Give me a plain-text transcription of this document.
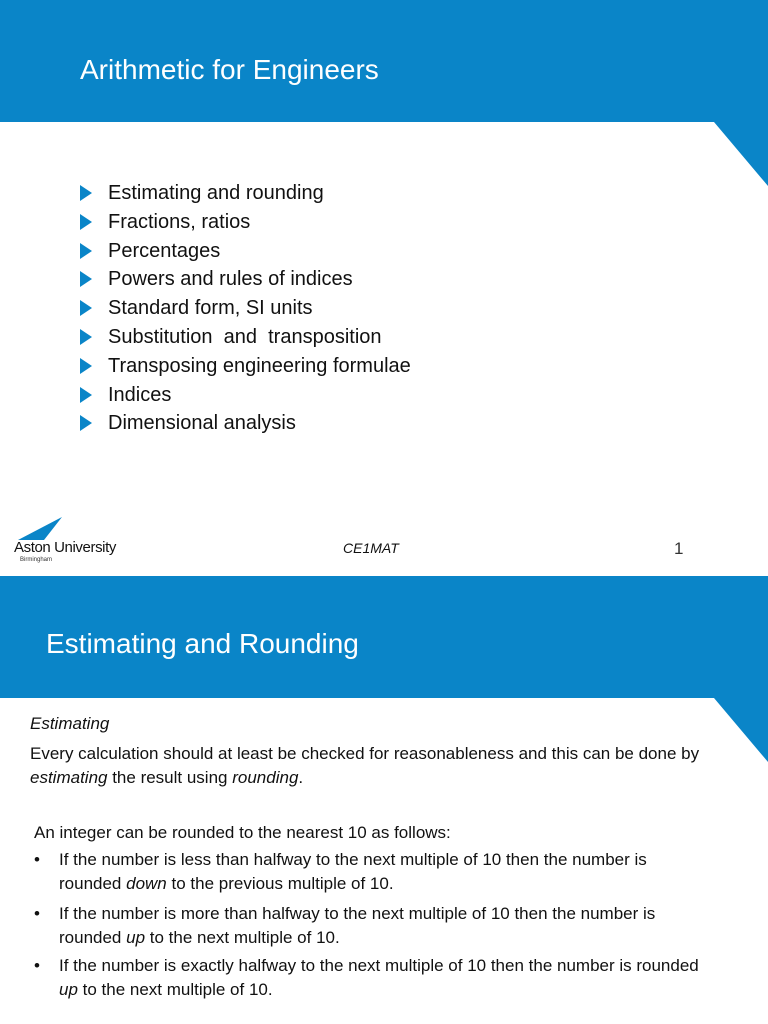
Arithmetic for Engineers
Estimating and rounding
Fractions, ratios
Percentages
Powers and rules of indices
Standard form, SI units
Substitution  and  transposition
Transposing engineering formulae
Indices
Dimensional analysis
Aston University
Birmingham
CE1MAT	1
Estimating and Rounding
Estimating
Every calculation should at least be checked for reasonableness and this can be done by estimating the result using rounding.
An integer can be rounded to the nearest 10 as follows:
• If the number is less than halfway to the next multiple of 10 then the number is rounded down to the previous multiple of 10.
• If the number is more than halfway to the next multiple of 10 then the number is rounded up to the next multiple of 10.
• If the number is exactly halfway to the next multiple of 10 then the number is rounded up to the next multiple of 10.
